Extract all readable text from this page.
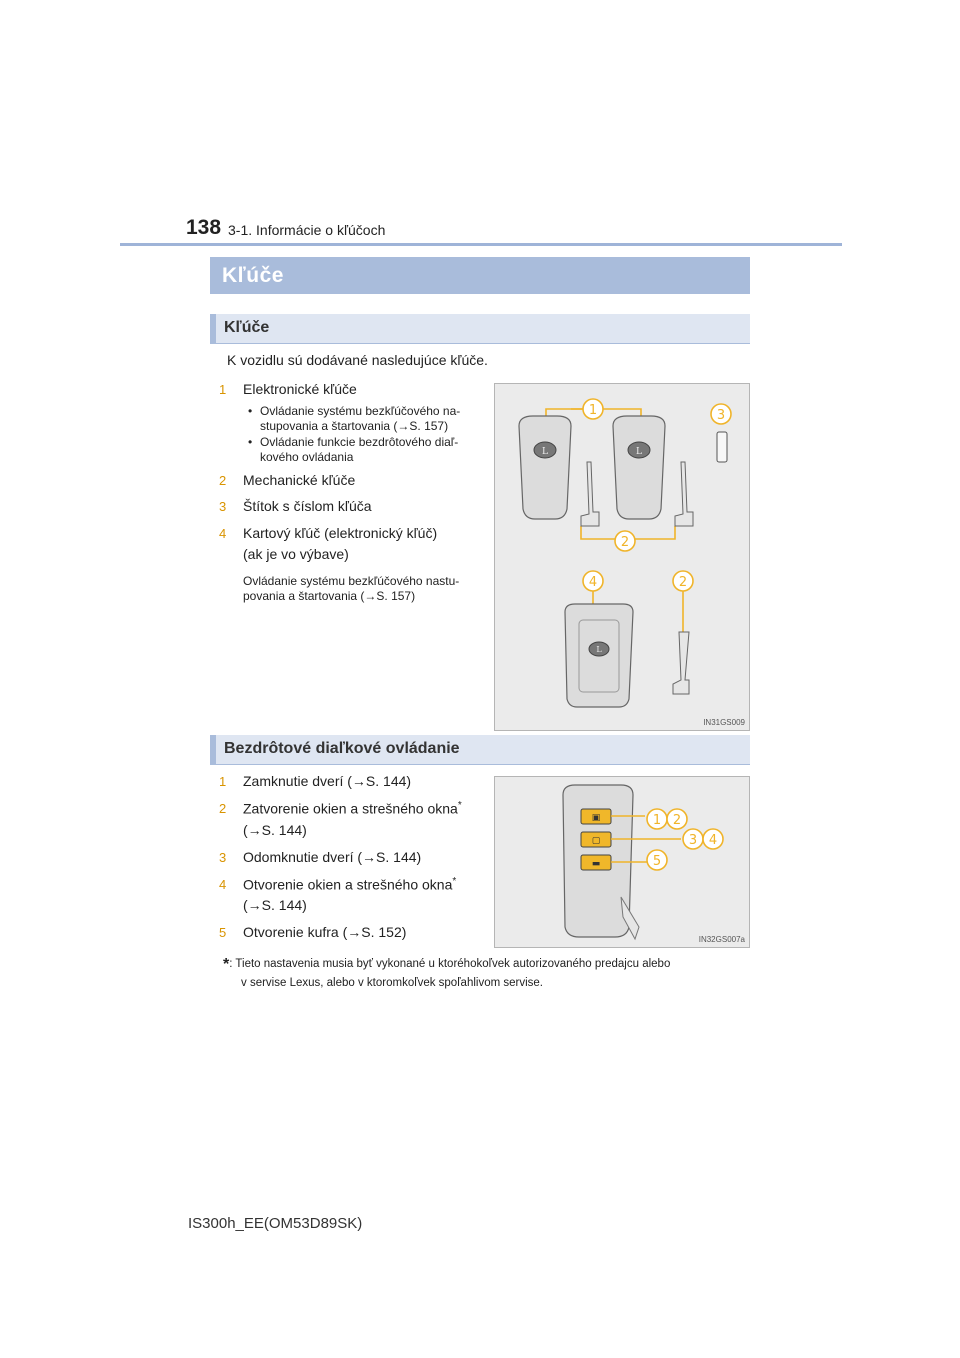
138 3-1. Informácie o kľúčoch
Kľúče
Kľúče
K vozidlu sú dodávané nasledujúce kľúče.
1 Elektronické kľúče
• Ovládanie systému bezkľúčového na-
stupovania a štartovania (→S. 157)
• Ovládanie funkcie bezdrôtového diaľ-
kového ovládania
2 Mechanické kľúče
3 Štítok s číslom kľúča
4 Kartový kľúč (elektronický kľúč)
(ak je vo výbave)
Ovládanie systému bezkľúčového nastu-
povania a štartovania (→S. 157)
L	L
L
1	3
2
4	2
IN31GS009
Bezdrôtové diaľkové ovládanie
1 Zamknutie dverí (→S. 144)
2 Zatvorenie okien a strešného okna*
(→S. 144)
3 Odomknutie dverí (→S. 144)
4 Otvorenie okien a strešného okna*
(→S. 144)
5 Otvorenie kufra (→S. 152)
▣
▢
▬
1 2
3 4
5
IN32GS007a
*: Tieto nastavenia musia byť vykonané u ktoréhokoľvek autorizovaného predajcu alebo
v servise Lexus, alebo v ktoromkoľvek spoľahlivom servise.
IS300h_EE(OM53D89SK)
